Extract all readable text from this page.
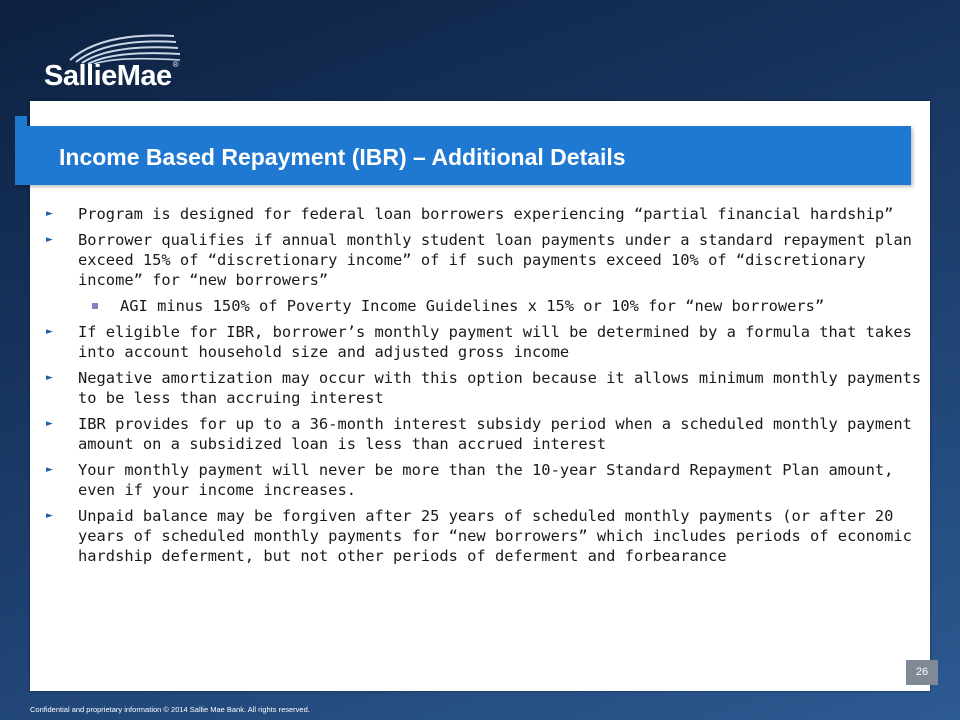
SallieMae®
Income Based Repayment (IBR) – Additional Details
► Program is designed for federal loan borrowers experiencing “partial financial hardship”
► Borrower qualifies if annual monthly student loan payments under a standard repayment plan exceed 15% of “discretionary income” of if such payments exceed 10% of “discretionary income” for “new borrowers”
AGI minus 150% of Poverty Income Guidelines x 15% or 10% for “new borrowers”
► If eligible for IBR, borrower’s monthly payment will be determined by a formula that takes into account household size and adjusted gross income
► Negative amortization may occur with this option because it allows minimum monthly payments to be less than accruing interest
► IBR provides for up to a 36-month interest subsidy period when a scheduled monthly payment amount on a subsidized loan is less than accrued interest
► Your monthly payment will never be more than the 10-year Standard Repayment Plan amount, even if your income increases.
► Unpaid balance may be forgiven after 25 years of scheduled monthly payments (or after 20 years of scheduled monthly payments for “new borrowers” which includes periods of economic hardship deferment, but not other periods of deferment and forbearance
26
Confidential and proprietary information © 2014 Sallie Mae Bank. All rights reserved.
